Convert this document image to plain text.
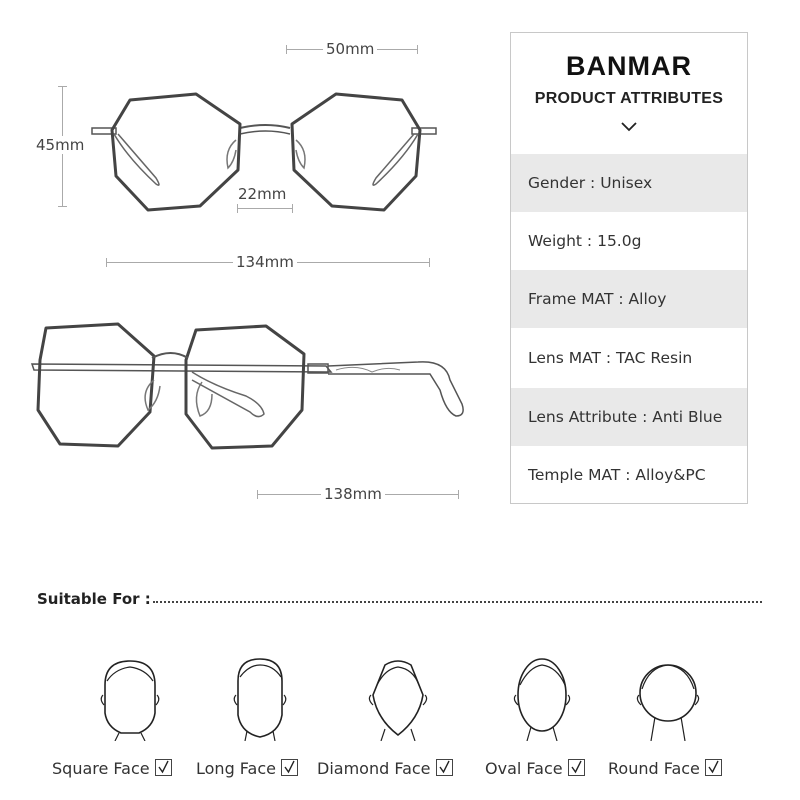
50mm
45mm
22mm
134mm
138mm
BANMAR
PRODUCT ATTRIBUTES
Gender : Unisex
Weight : 15.0g
Frame MAT : Alloy
Lens MAT : TAC Resin
Lens Attribute : Anti Blue
Temple MAT : Alloy&PC
Suitable For :
Square Face	Long Face	Diamond Face	Oval Face	Round Face
